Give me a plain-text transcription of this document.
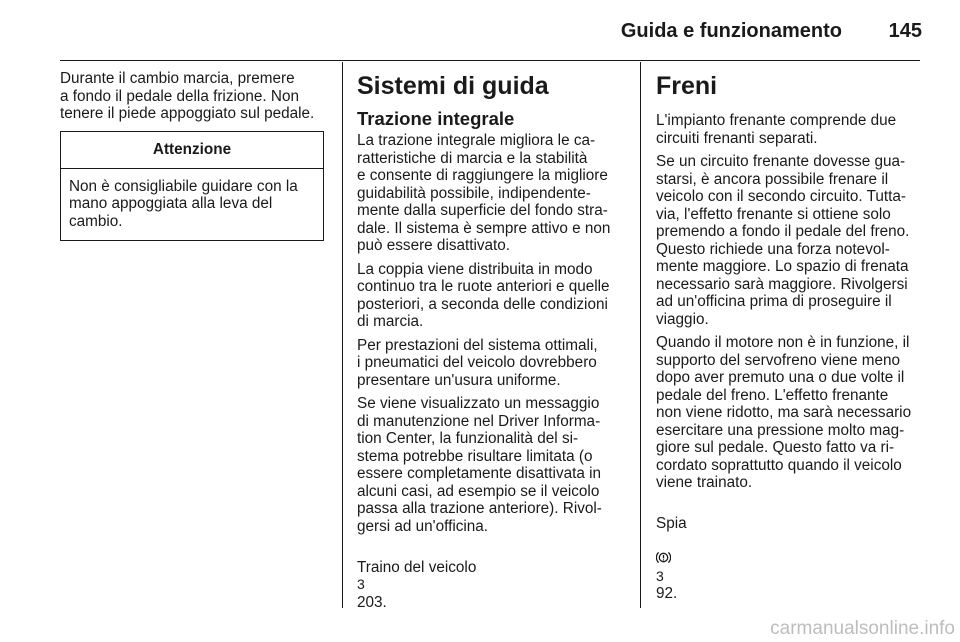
Guida e funzionamento	145

Durante il cambio marcia, premere
a fondo il pedale della frizione. Non
tenere il piede appoggiato sul pedale.

Attenzione
Non è consigliabile guidare con la
mano appoggiata alla leva del
cambio.
Sistemi di guida
Trazione integrale

La trazione integrale migliora le ca-
ratteristiche di marcia e la stabilità
e consente di raggiungere la migliore
guidabilità possibile, indipendente-
mente dalla superficie del fondo stra-
dale. Il sistema è sempre attivo e non
può essere disattivato.

La coppia viene distribuita in modo
continuo tra le ruote anteriori e quelle
posteriori, a seconda delle condizioni
di marcia.

Per prestazioni del sistema ottimali,
i pneumatici del veicolo dovrebbero
presentare un'usura uniforme.

Se viene visualizzato un messaggio
di manutenzione nel Driver Informa-
tion Center, la funzionalità del si-
stema potrebbe risultare limitata (o
essere completamente disattivata in
alcuni casi, ad esempio se il veicolo
passa alla trazione anteriore). Rivol-
gersi ad un'officina.

Traino del veicolo
3
203.

Freni

L'impianto frenante comprende due
circuiti frenanti separati.

Se un circuito frenante dovesse gua-
starsi, è ancora possibile frenare il
veicolo con il secondo circuito. Tutta-
via, l'effetto frenante si ottiene solo
premendo a fondo il pedale del freno.
Questo richiede una forza notevol-
mente maggiore. Lo spazio di frenata
necessario sarà maggiore. Rivolgersi
ad un'officina prima di proseguire il
viaggio.

Quando il motore non è in funzione, il
supporto del servofreno viene meno
dopo aver premuto una o due volte il
pedale del freno. L'effetto frenante
non viene ridotto, ma sarà necessario
esercitare una pressione molto mag-
giore sul pedale. Questo fatto va ri-
cordato soprattutto quando il veicolo
viene trainato.

Spia

3
92.

carmanualsonline.info
